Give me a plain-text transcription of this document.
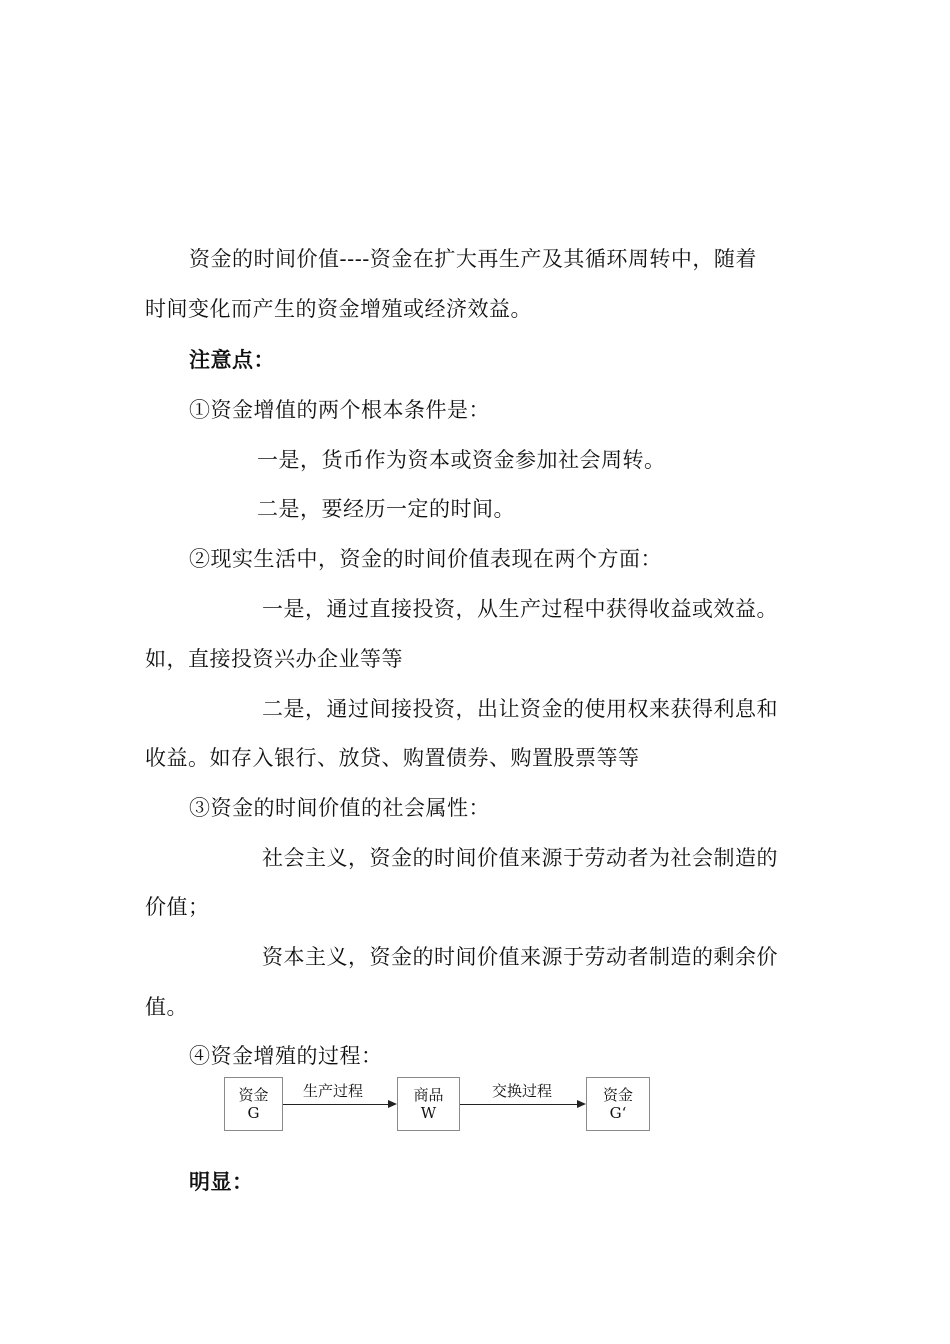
资金的时间价值----资金在扩大再生产及其循环周转中，随着
时间变化而产生的资金增殖或经济效益。
注意点：
①资金增值的两个根本条件是：
一是，货币作为资本或资金参加社会周转。
二是，要经历一定的时间。
②现实生活中，资金的时间价值表现在两个方面：
一是，通过直接投资，从生产过程中获得收益或效益。
如，直接投资兴办企业等等
二是，通过间接投资，出让资金的使用权来获得利息和
收益。如存入银行、放贷、购置债券、购置股票等等
③资金的时间价值的社会属性：
社会主义，资金的时间价值来源于劳动者为社会制造的
价值；
资本主义，资金的时间价值来源于劳动者制造的剩余价
值。
④资金增殖的过程：
资金
G
生产过程	商品
W
交换过程	资金
G‘
明显：
